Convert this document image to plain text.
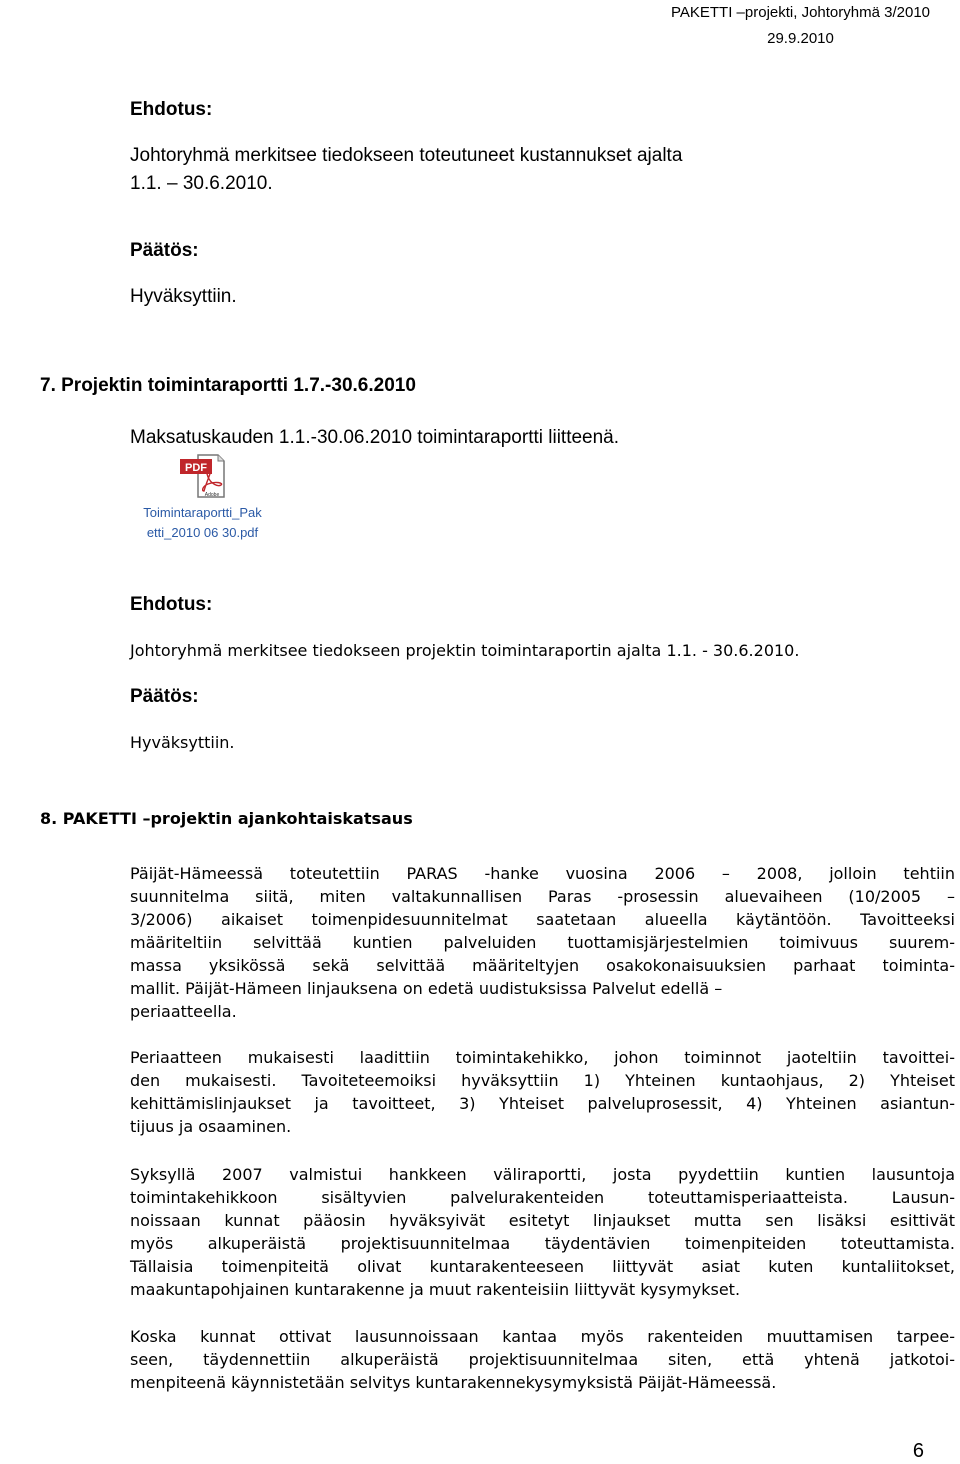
PAKETTI –projekti, Johtoryhmä 3/2010
29.9.2010
Ehdotus:
Johtoryhmä merkitsee tiedokseen toteutuneet kustannukset ajalta
1.1. – 30.6.2010.
Päätös:
Hyväksyttiin.
7. Projektin toimintaraportti 1.7.-30.6.2010
Maksatuskauden 1.1.-30.06.2010 toimintaraportti liitteenä.
PDF
Adobe
Toimintaraportti_Pak
etti_2010 06 30.pdf
Ehdotus:
Johtoryhmä merkitsee tiedokseen projektin toimintaraportin ajalta 1.1. - 30.6.2010.
Päätös:
Hyväksyttiin.
8. PAKETTI –projektin ajankohtaiskatsaus
Päijät-Hämeessä toteutettiin PARAS -hanke vuosina 2006 – 2008, jolloin tehtiin
suunnitelma siitä, miten valtakunnallisen Paras -prosessin aluevaiheen (10/2005 –
3/2006) aikaiset toimenpidesuunnitelmat saatetaan alueella käytäntöön. Tavoitteeksi
määriteltiin selvittää kuntien palveluiden tuottamisjärjestelmien toimivuus suurem-
massa yksikössä sekä selvittää määriteltyjen osakokonaisuuksien parhaat toiminta-
mallit. Päijät-Hämeen linjauksena on edetä uudistuksissa Palvelut edellä –
periaatteella.
Periaatteen mukaisesti laadittiin toimintakehikko, johon toiminnot jaoteltiin tavoittei-
den mukaisesti. Tavoiteteemoiksi hyväksyttiin 1) Yhteinen kuntaohjaus, 2) Yhteiset
kehittämislinjaukset ja tavoitteet, 3) Yhteiset palveluprosessit, 4) Yhteinen asiantun-
tijuus ja osaaminen.
Syksyllä 2007 valmistui hankkeen väliraportti, josta pyydettiin kuntien lausuntoja
toimintakehikkoon sisältyvien palvelurakenteiden toteuttamisperiaatteista. Lausun-
noissaan kunnat pääosin hyväksyivät esitetyt linjaukset mutta sen lisäksi esittivät
myös alkuperäistä projektisuunnitelmaa täydentävien toimenpiteiden toteuttamista.
Tällaisia toimenpiteitä olivat kuntarakenteeseen liittyvät asiat kuten kuntaliitokset,
maakuntapohjainen kuntarakenne ja muut rakenteisiin liittyvät kysymykset.
Koska kunnat ottivat lausunnoissaan kantaa myös rakenteiden muuttamisen tarpee-
seen, täydennettiin alkuperäistä projektisuunnitelmaa siten, että yhtenä jatkotoi-
menpiteenä käynnistetään selvitys kuntarakennekysymyksistä Päijät-Hämeessä.
6
